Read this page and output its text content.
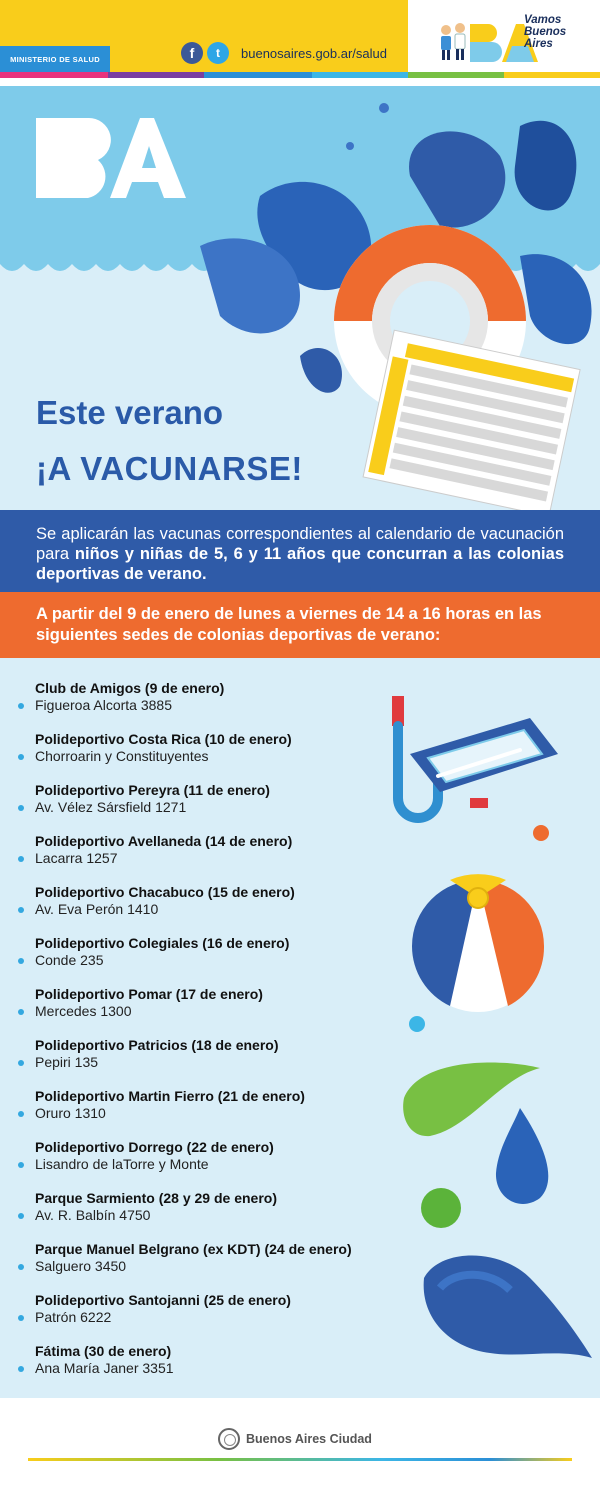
MINISTERIO DE SALUD	f	t	buenosaires.gob.ar/salud
Vamos
Buenos
Aires
Este verano
¡A VACUNARSE!
Se aplicarán las vacunas correspondientes al calendario de vacunación para niños y niñas de 5, 6 y 11 años que concurran a las colonias deportivas de verano.
A partir del 9 de enero de lunes a viernes de 14 a 16 horas en las siguientes sedes de colonias deportivas de verano:
Club de Amigos (9 de enero)
Figueroa Alcorta 3885
Polideportivo Costa Rica (10 de enero)
Chorroarin y Constituyentes
Polideportivo Pereyra (11 de enero)
Av. Vélez Sársfield 1271
Polideportivo Avellaneda (14 de enero)
Lacarra 1257
Polideportivo Chacabuco (15 de enero)
Av. Eva Perón 1410
Polideportivo Colegiales (16 de enero)
Conde 235
Polideportivo Pomar (17 de enero)
Mercedes 1300
Polideportivo Patricios (18 de enero)
Pepiri 135
Polideportivo Martin Fierro (21 de enero)
Oruro 1310
Polideportivo Dorrego (22 de enero)
Lisandro de laTorre y Monte
Parque Sarmiento (28 y 29 de enero)
Av. R. Balbín 4750
Parque Manuel Belgrano (ex KDT) (24 de enero)
Salguero 3450
Polideportivo Santojanni (25 de enero)
Patrón 6222
Fátima (30 de enero)
Ana María Janer 3351
Buenos Aires Ciudad
